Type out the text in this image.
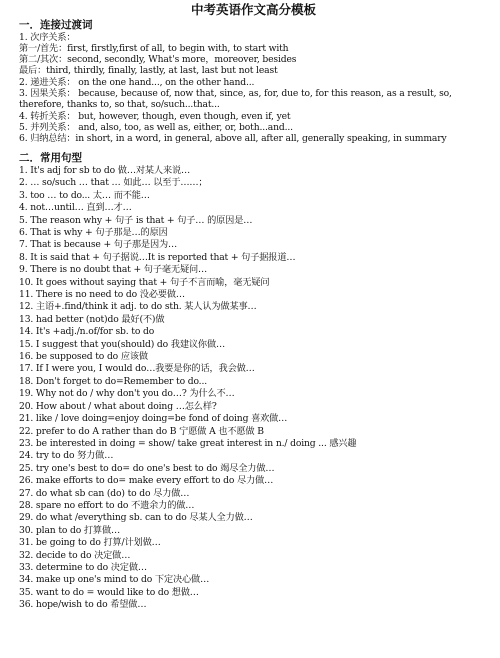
中考英语作文高分模板
一．连接过渡词
1. 次序关系：
第一/首先：first, firstly,first of all, to begin with, to start with
第二/其次：second, secondly, What's more，moreover, besides
最后：third, thirdly, finally, lastly, at last, last but not least
2. 递进关系： on the one hand..., on the other hand...
3. 因果关系： because, because of, now that, since, as, for, due to, for this reason, as a result, so,
therefore, thanks to, so that, so/such...that...
4. 转折关系： but, however, though, even though, even if, yet
5. 并列关系： and, also, too, as well as, either, or, both...and...
6. 归纳总结：in short, in a word, in general, above all, after all, generally speaking, in summary
二．常用句型
1. It's adj for sb to do 做…对某人来说…
2. … so/such … that … 如此… 以至于……；
3. too … to do... 太… 而不能…
4. not…until… 直到…才…
5. The reason why + 句子 is that + 句子… 的原因是…
6. That is why + 句子那是…的原因
7. That is because + 句子那是因为…
8. It is said that + 句子据说…It is reported that + 句子据报道…
9. There is no doubt that + 句子毫无疑问…
10. It goes without saying that + 句子不言而喻，毫无疑问
11. There is no need to do 没必要做…
12. 主语+.find/think it adj. to do sth. 某人认为做某事…
13. had better (not)do 最好(不)做
14. It's +adj./n.of/for sb. to do
15. I suggest that you(should) do 我建议你做…
16. be supposed to do 应该做
17. If I were you, I would do…我要是你的话，我会做…
18. Don't forget to do=Remember to do...
19. Why not do / why don't you do…? 为什么不…
20. How about / what about doing …怎么样?
21. like / love doing=enjoy doing=be fond of doing 喜欢做…
22. prefer to do A rather than do B 宁愿做 A 也不愿做 B
23. be interested in doing = show/ take great interest in n./ doing ... 感兴趣
24. try to do 努力做…
25. try one's best to do= do one's best to do 竭尽全力做…
26. make efforts to do= make every effort to do 尽力做…
27. do what sb can (do) to do 尽力做…
28. spare no effort to do 不遗余力的做…
29. do what /everything sb. can to do 尽某人全力做…
30. plan to do 打算做…
31. be going to do 打算/计划做…
32. decide to do 决定做…
33. determine to do 决定做…
34. make up one's mind to do 下定决心做…
35. want to do = would like to do 想做…
36. hope/wish to do 希望做…
